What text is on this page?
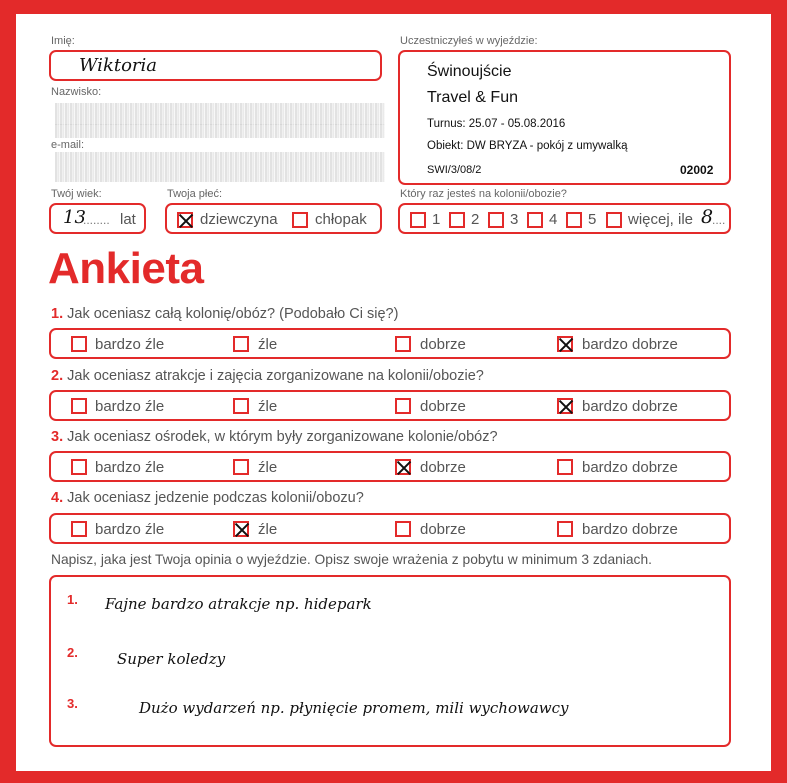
Imię:
Wiktoria
Nazwisko:
e-mail:
Uczestniczyłeś w wyjeździe:
Świnoujście
Travel & Fun
Turnus: 25.07 - 05.08.2016
Obiekt: DW BRYZA - pokój z umywalką
SWI/3/08/2	02002
Twój wiek:
13
........ lat
Twoja płeć:
dziewczyna chłopak
Który raz jesteś na kolonii/obozie?
1 2 3 4 5 więcej, ile 8
....
Ankieta
1. Jak oceniasz całą kolonię/obóz? (Podobało Ci się?)
bardzo źle	źle	dobrze	bardzo dobrze
2. Jak oceniasz atrakcje i zajęcia zorganizowane na kolonii/obozie?
bardzo źle	źle	dobrze	bardzo dobrze
3. Jak oceniasz ośrodek, w którym były zorganizowane kolonie/obóz?
bardzo źle	źle	dobrze	bardzo dobrze
4. Jak oceniasz jedzenie podczas kolonii/obozu?
bardzo źle	źle	dobrze	bardzo dobrze
Napisz, jaka jest Twoja opinia o wyjeździe. Opisz swoje wrażenia z pobytu w minimum 3 zdaniach.
1. Fajne bardzo atrakcje np. hidepark
2.	Super koledzy
3.	Dużo wydarzeń np. płynięcie promem, mili wychowawcy
